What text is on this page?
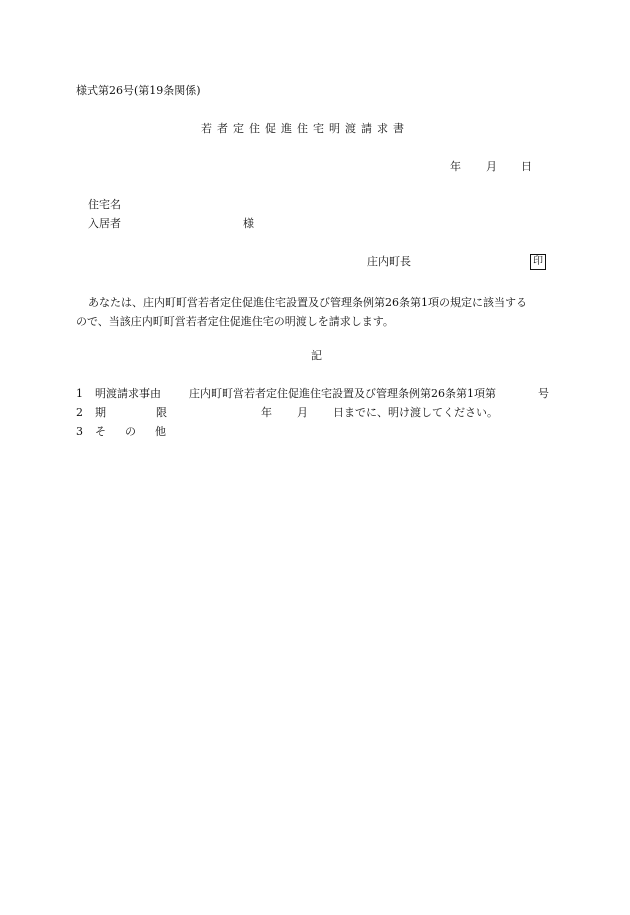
様式第26号(第19条関係)
若者定住促進住宅明渡請求書
年 月 日
住宅名
入居者	様
庄内町長	印
あなたは、庄内町町営若者定住促進住宅設置及び管理条例第26条第1項の規定に該当する
ので、当該庄内町町営若者定住促進住宅の明渡しを請求します。
記
1 明渡請求事由	庄内町町営若者定住促進住宅設置及び管理条例第26条第1項第	号
2 期	限	年 月 日までに、明け渡してください。
3 そ の 他
